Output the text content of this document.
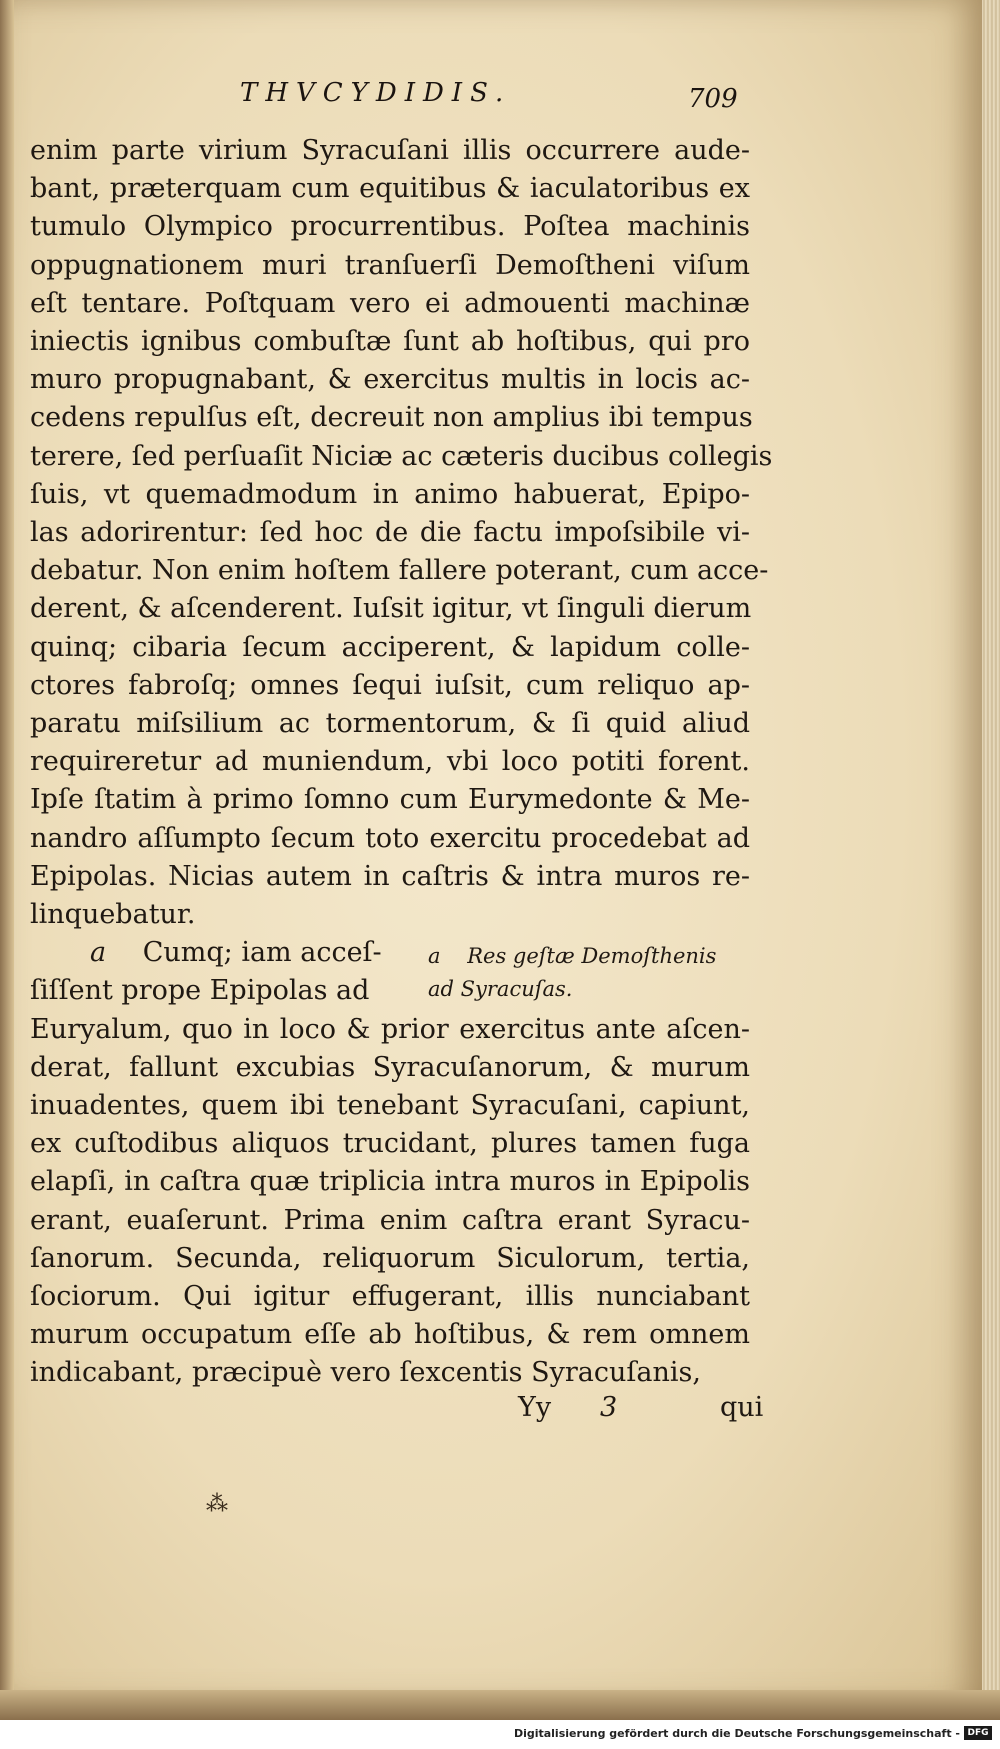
THVCYDIDIS.	709
enim parte virium Syracuſani illis occurrere aude-
bant, præterquam cum equitibus & iaculatoribus ex
tumulo Olympico procurrentibus. Poſtea machinis
oppugnationem muri tranſuerſi Demoſtheni viſum
eſt tentare. Poſtquam vero ei admouenti machinæ
iniectis ignibus combuſtæ ſunt ab hoſtibus, qui pro
muro propugnabant, & exercitus multis in locis ac-
cedens repulſus eſt, decreuit non amplius ibi tempus
terere, ſed perſuaſit Niciæ ac cæteris ducibus collegis
ſuis, vt quemadmodum in animo habuerat, Epipo-
las adorirentur: ſed hoc de die factu impoſsibile vi-
debatur. Non enim hoſtem fallere poterant, cum acce-
derent, & aſcenderent. Iuſsit igitur, vt ſinguli dierum
quinq; cibaria ſecum acciperent, & lapidum colle-
ctores fabroſq; omnes ſequi iuſsit, cum reliquo ap-
paratu miſsilium ac tormentorum, & ſi quid aliud
requireretur ad muniendum, vbi loco potiti forent.
Ipſe ſtatim à primo ſomno cum Eurymedonte & Me-
nandro aſſumpto ſecum toto exercitu procedebat ad
Epipolas. Nicias autem in caſtris & intra muros re-
linquebatur.
a Cumq; iam acceſ-
ſiſſent prope Epipolas ad
Euryalum, quo in loco & prior exercitus ante aſcen-
derat, fallunt excubias Syracuſanorum, & murum
inuadentes, quem ibi tenebant Syracuſani, capiunt,
ex cuſtodibus aliquos trucidant, plures tamen fuga
elapſi, in caſtra quæ triplicia intra muros in Epipolis
erant, euaſerunt. Prima enim caſtra erant Syracu-
ſanorum. Secunda, reliquorum Siculorum, tertia,
ſociorum. Qui igitur effugerant, illis nunciabant
murum occupatum eſſe ab hoſtibus, & rem omnem
indicabant, præcipuè vero ſexcentis Syracuſanis,
a Res geſtæ Demoſthenis
ad Syracuſas.
Yy 3	qui
⁂
Digitalisierung gefördert durch die Deutsche Forschungsgemeinschaft - DFG
